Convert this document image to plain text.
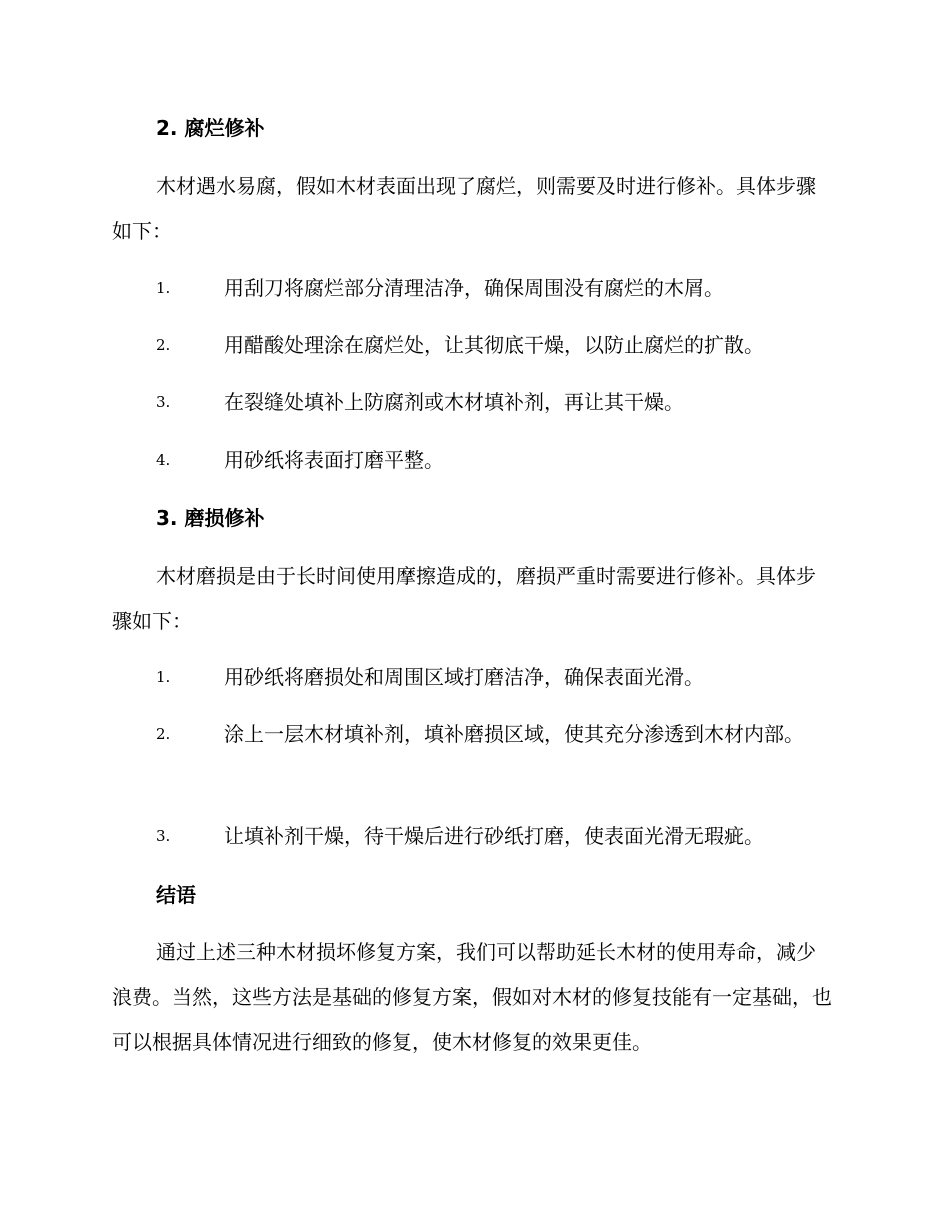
2. 腐烂修补

木材遇水易腐，假如木材表面出现了腐烂，则需要及时进行修补。具体步骤如下：

1.	用刮刀将腐烂部分清理洁净，确保周围没有腐烂的木屑。
2.	用醋酸处理涂在腐烂处，让其彻底干燥，以防止腐烂的扩散。
3.	在裂缝处填补上防腐剂或木材填补剂，再让其干燥。
4.	用砂纸将表面打磨平整。
3. 磨损修补

木材磨损是由于长时间使用摩擦造成的，磨损严重时需要进行修补。具体步骤如下：

1.	用砂纸将磨损处和周围区域打磨洁净，确保表面光滑。
2.	涂上一层木材填补剂，填补磨损区域，使其充分渗透到木材内部。
3.	让填补剂干燥，待干燥后进行砂纸打磨，使表面光滑无瑕疵。
结语

通过上述三种木材损坏修复方案，我们可以帮助延长木材的使用寿命，减少浪费。当然，这些方法是基础的修复方案，假如对木材的修复技能有一定基础，也可以根据具体情况进行细致的修复，使木材修复的效果更佳。
